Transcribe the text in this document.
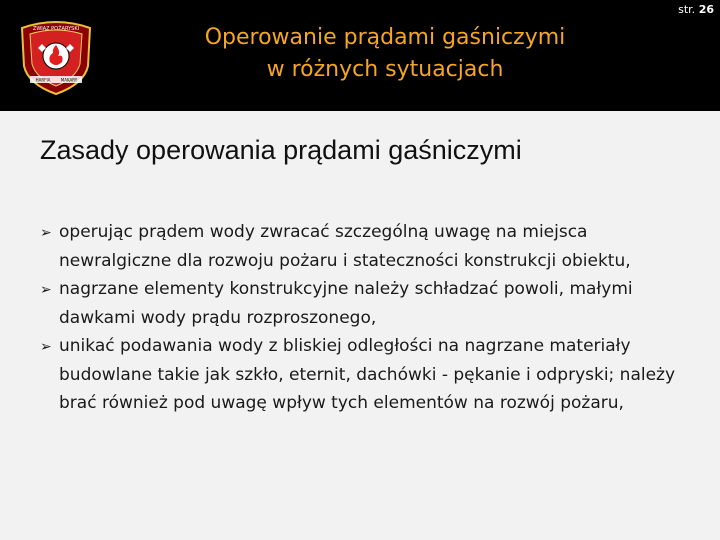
ZWIĄZ POŻARYSKI
HARFIA	MAKARY
Operowanie prądami gaśniczymi
w różnych sytuacjach
str. 26
Zasady operowania prądami gaśniczymi
➢ operując prądem wody zwracać szczególną uwagę na miejsca newralgiczne dla rozwoju pożaru i stateczności konstrukcji obiektu,
➢ nagrzane elementy konstrukcyjne należy schładzać powoli, małymi dawkami wody prądu rozproszonego,
➢ unikać podawania wody z bliskiej odległości na nagrzane materiały budowlane takie jak szkło, eternit, dachówki - pękanie i odpryski; należy brać również pod uwagę wpływ tych elementów na rozwój pożaru,
